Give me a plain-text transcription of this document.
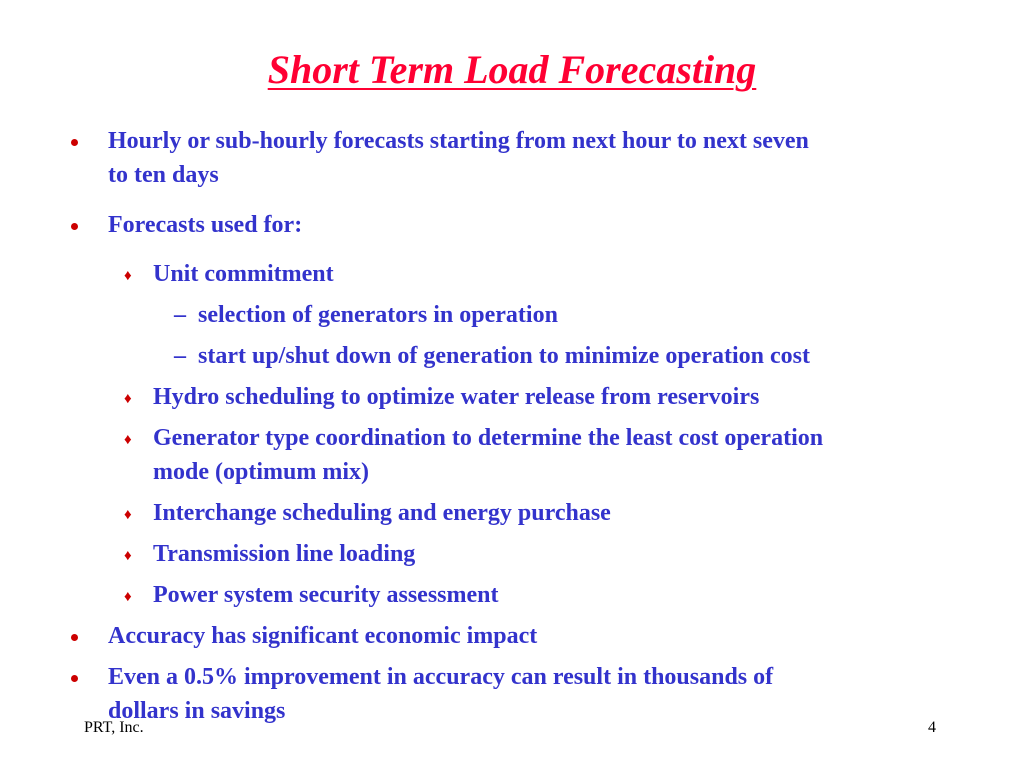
Short Term Load Forecasting
Hourly or sub-hourly forecasts starting from next hour to next seven
to ten days
Forecasts used for:
♦ Unit commitment
– selection of generators in operation
– start up/shut down of generation to minimize operation cost
♦ Hydro scheduling to optimize water release from reservoirs
♦ Generator type coordination to determine the least cost operation
mode (optimum mix)
♦ Interchange scheduling and energy purchase
♦ Transmission line loading
♦ Power system security assessment
Accuracy has significant economic impact
Even a 0.5% improvement in accuracy can result in thousands of
dollars in savings
PRT, Inc.	4
